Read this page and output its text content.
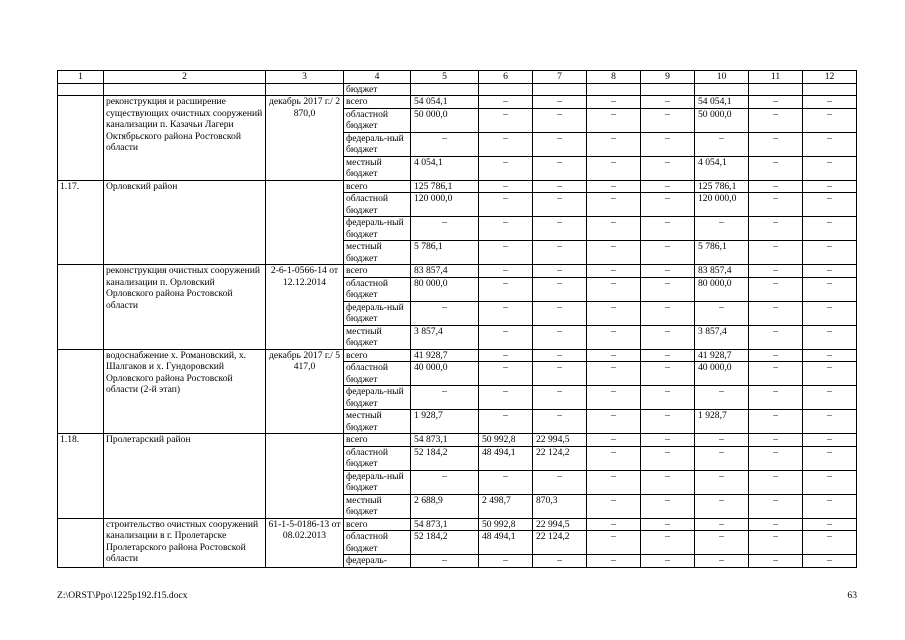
1	2	3	4	5	6	7	8	9	10	11	12
			бюджет								
	реконструкция и расширение существующих очистных сооружений канализации п. Казачьи Лагери Октябрьского района Ростовской области	декабрь 2017 г./ 2 870,0	всего	54 054,1	–	–	–	–	54 054,1	–	–
			областной бюджет	50 000,0	–	–	–	–	50 000,0	–	–
			федераль-ный бюджет	–	–	–	–	–	–	–	–
			местный бюджет	4 054,1	–	–	–	–	4 054,1	–	–
1.17.	Орловский район		всего	125 786,1	–	–	–	–	125 786,1	–	–
			областной бюджет	120 000,0	–	–	–	–	120 000,0	–	–
			федераль-ный бюджет	–	–	–	–	–	–	–	–
			местный бюджет	5 786,1	–	–	–	–	5 786,1	–	–
	реконструкция очистных сооружений канализации п. Орловский Орловского района Ростовской области	2-6-1-0566-14 от 12.12.2014	всего	83 857,4	–	–	–	–	83 857,4	–	–
			областной бюджет	80 000,0	–	–	–	–	80 000,0	–	–
			федераль-ный бюджет	–	–	–	–	–	–	–	–
			местный бюджет	3 857,4	–	–	–	–	3 857,4	–	–
	водоснабжение х. Романовский, х. Шалгаков и х. Гундоровский Орловского района Ростовской области (2-й этап)	декабрь 2017 г./ 5 417,0	всего	41 928,7	–	–	–	–	41 928,7	–	–
			областной бюджет	40 000,0	–	–	–	–	40 000,0	–	–
			федераль-ный бюджет	–	–	–	–	–	–	–	–
			местный бюджет	1 928,7	–	–	–	–	1 928,7	–	–
1.18.	Пролетарский район		всего	54 873,1	50 992,8	22 994,5	–	–	–	–	–
			областной бюджет	52 184,2	48 494,1	22 124,2	–	–	–	–	–
			федераль-ный бюджет	–	–	–	–	–	–	–	–
			местный бюджет	2 688,9	2 498,7	870,3	–	–	–	–	–
	строительство очистных сооружений канализации в г. Пролетарске Пролетарского района Ростовской области	61-1-5-0186-13 от 08.02.2013	всего	54 873,1	50 992,8	22 994,5	–	–	–	–	–
			областной бюджет	52 184,2	48 494,1	22 124,2	–	–	–	–	–
			федераль-	–	–	–	–	–	–	–	–
Z:\ORST\Ppo\1225p192.f15.docx	63
